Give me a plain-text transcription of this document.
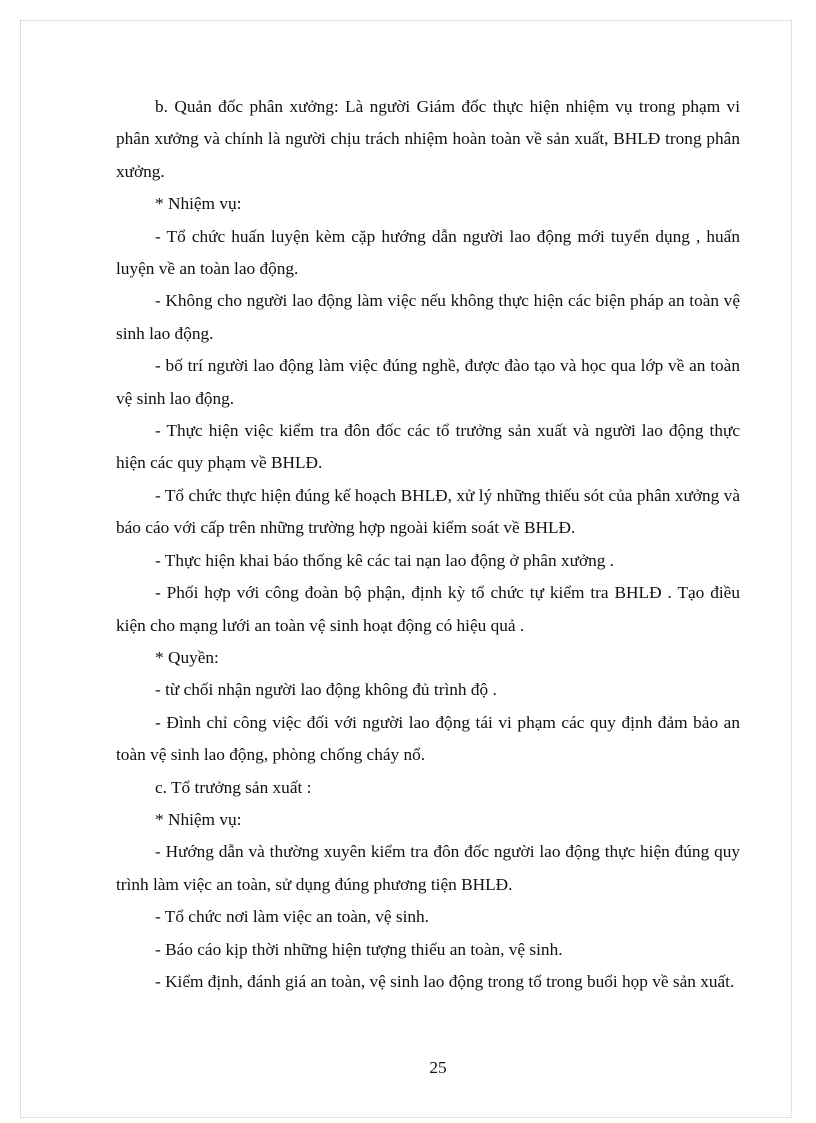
b. Quản đốc phân xưởng: Là người Giám đốc thực hiện nhiệm vụ trong phạm vi phân xưởng và chính là người chịu trách nhiệm hoàn toàn về sản xuất, BHLĐ trong phân xưởng.

* Nhiệm vụ:

- Tổ chức huấn luyện kèm cặp hướng dẫn người lao động mới tuyển dụng , huấn luyện về an toàn lao động.

- Không cho người lao động làm việc nếu không thực hiện các biện pháp an toàn vệ sinh lao động.

- bố trí người lao động làm việc đúng nghề, được đào tạo và học qua lớp về an toàn vệ sinh lao động.

- Thực hiện việc kiểm tra đôn đốc các tổ trưởng sản xuất và người lao động thực hiện các quy phạm về BHLĐ.

- Tổ chức thực hiện đúng kế hoạch BHLĐ, xử lý những thiếu sót của phân xưởng và báo cáo với cấp trên những trường hợp ngoài kiểm soát về BHLĐ.

- Thực hiện khai báo thống kê các tai nạn lao động ở phân xưởng .

- Phối hợp với công đoàn bộ phận, định kỳ tổ chức tự kiểm tra BHLĐ . Tạo điều kiện cho mạng lưới an toàn vệ sinh hoạt động có hiệu quả .

* Quyền:

- từ chối nhận người lao động không đủ trình độ .

- Đình chỉ công việc đối với người lao động tái vi phạm các quy định đảm bảo an toàn vệ sinh lao động, phòng chống cháy nổ.

c. Tổ trưởng sản xuất :

* Nhiệm vụ:

- Hướng dẫn và thường xuyên kiểm tra đôn đốc người lao động thực hiện đúng quy trình làm việc an toàn, sử dụng đúng phương tiện BHLĐ.

- Tổ chức nơi làm việc an toàn, vệ sinh.

- Báo cáo kịp thời những hiện tượng thiếu an toàn, vệ sinh.

- Kiểm định, đánh giá an toàn, vệ sinh lao động trong tổ trong buổi họp về sản xuất.

25
